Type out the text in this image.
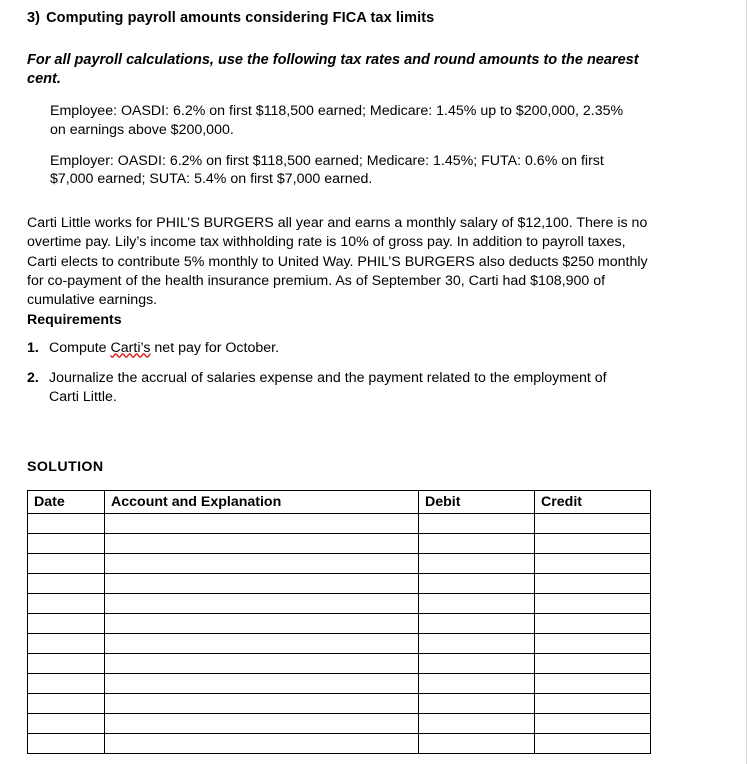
3) Computing payroll amounts considering FICA tax limits

For all payroll calculations, use the following tax rates and round amounts to the nearest cent.

Employee: OASDI: 6.2% on first $118,500 earned; Medicare: 1.45% up to $200,000, 2.35% on earnings above $200,000.

Employer: OASDI: 6.2% on first $118,500 earned; Medicare: 1.45%; FUTA: 0.6% on first $7,000 earned; SUTA: 5.4% on first $7,000 earned.

Carti Little works for PHIL’S BURGERS all year and earns a monthly salary of $12,100. There is no overtime pay. Lily’s income tax withholding rate is 10% of gross pay. In addition to payroll taxes, Carti elects to contribute 5% monthly to United Way. PHIL’S BURGERS also deducts $250 monthly for co-payment of the health insurance premium. As of September 30, Carti had $108,900 of cumulative earnings.

Requirements

1. Compute Carti’s net pay for October.
2. Journalize the accrual of salaries expense and the payment related to the employment of Carti Little.

SOLUTION

Date	Account and Explanation	Debit	Credit
